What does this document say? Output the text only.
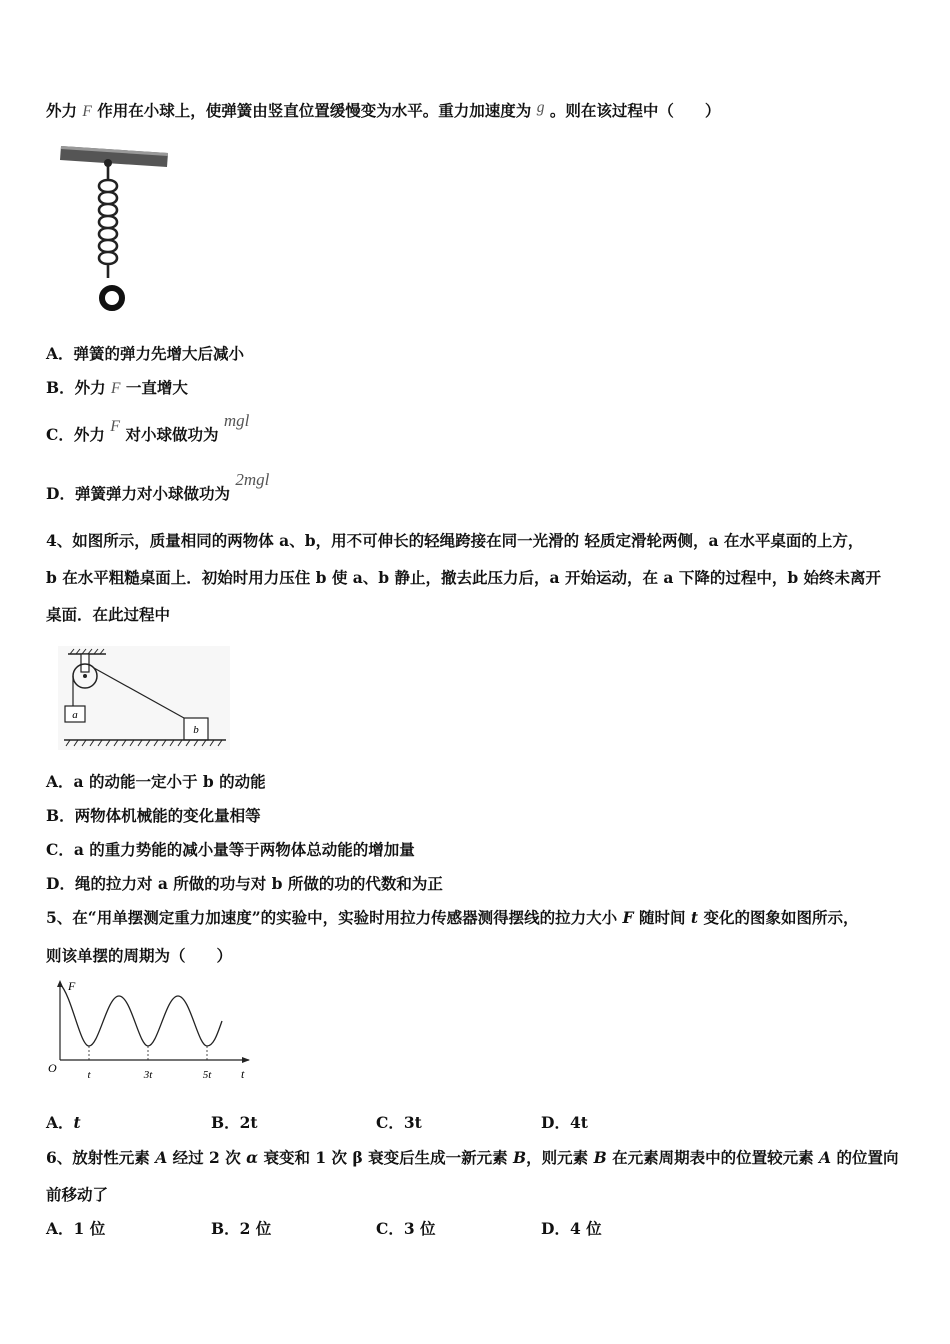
外力 F 作用在小球上，使弹簧由竖直位置缓慢变为水平。重力加速度为 g 。则在该过程中（　　）
A．弹簧的弹力先增大后减小
B．外力 F 一直增大
C．外力 F 对小球做功为 mgl
D．弹簧弹力对小球做功为 2mgl
4、如图所示，质量相同的两物体 a、b，用不可伸长的轻绳跨接在同一光滑的 轻质定滑轮两侧，a 在水平桌面的上方，
b 在水平粗糙桌面上．初始时用力压住 b 使 a、b 静止，撤去此压力后，a 开始运动，在 a 下降的过程中，b 始终未离开
桌面．在此过程中
a
b
A．a 的动能一定小于 b 的动能
B．两物体机械能的变化量相等
C．a 的重力势能的减小量等于两物体总动能的增加量
D．绳的拉力对 a 所做的功与对 b 所做的功的代数和为正
5、在“用单摆测定重力加速度”的实验中，实验时用拉力传感器测得摆线的拉力大小 F 随时间 t 变化的图象如图所示，
则该单摆的周期为（　　）
F
t
O	t	3t	5t
A．t	B．2t	C．3t	D．4t
6、放射性元素 A 经过 2 次 α 衰变和 1 次 β 衰变后生成一新元素 B，则元素 B 在元素周期表中的位置较元素 A 的位置向
前移动了
A．1 位	B．2 位	C．3 位	D．4 位
